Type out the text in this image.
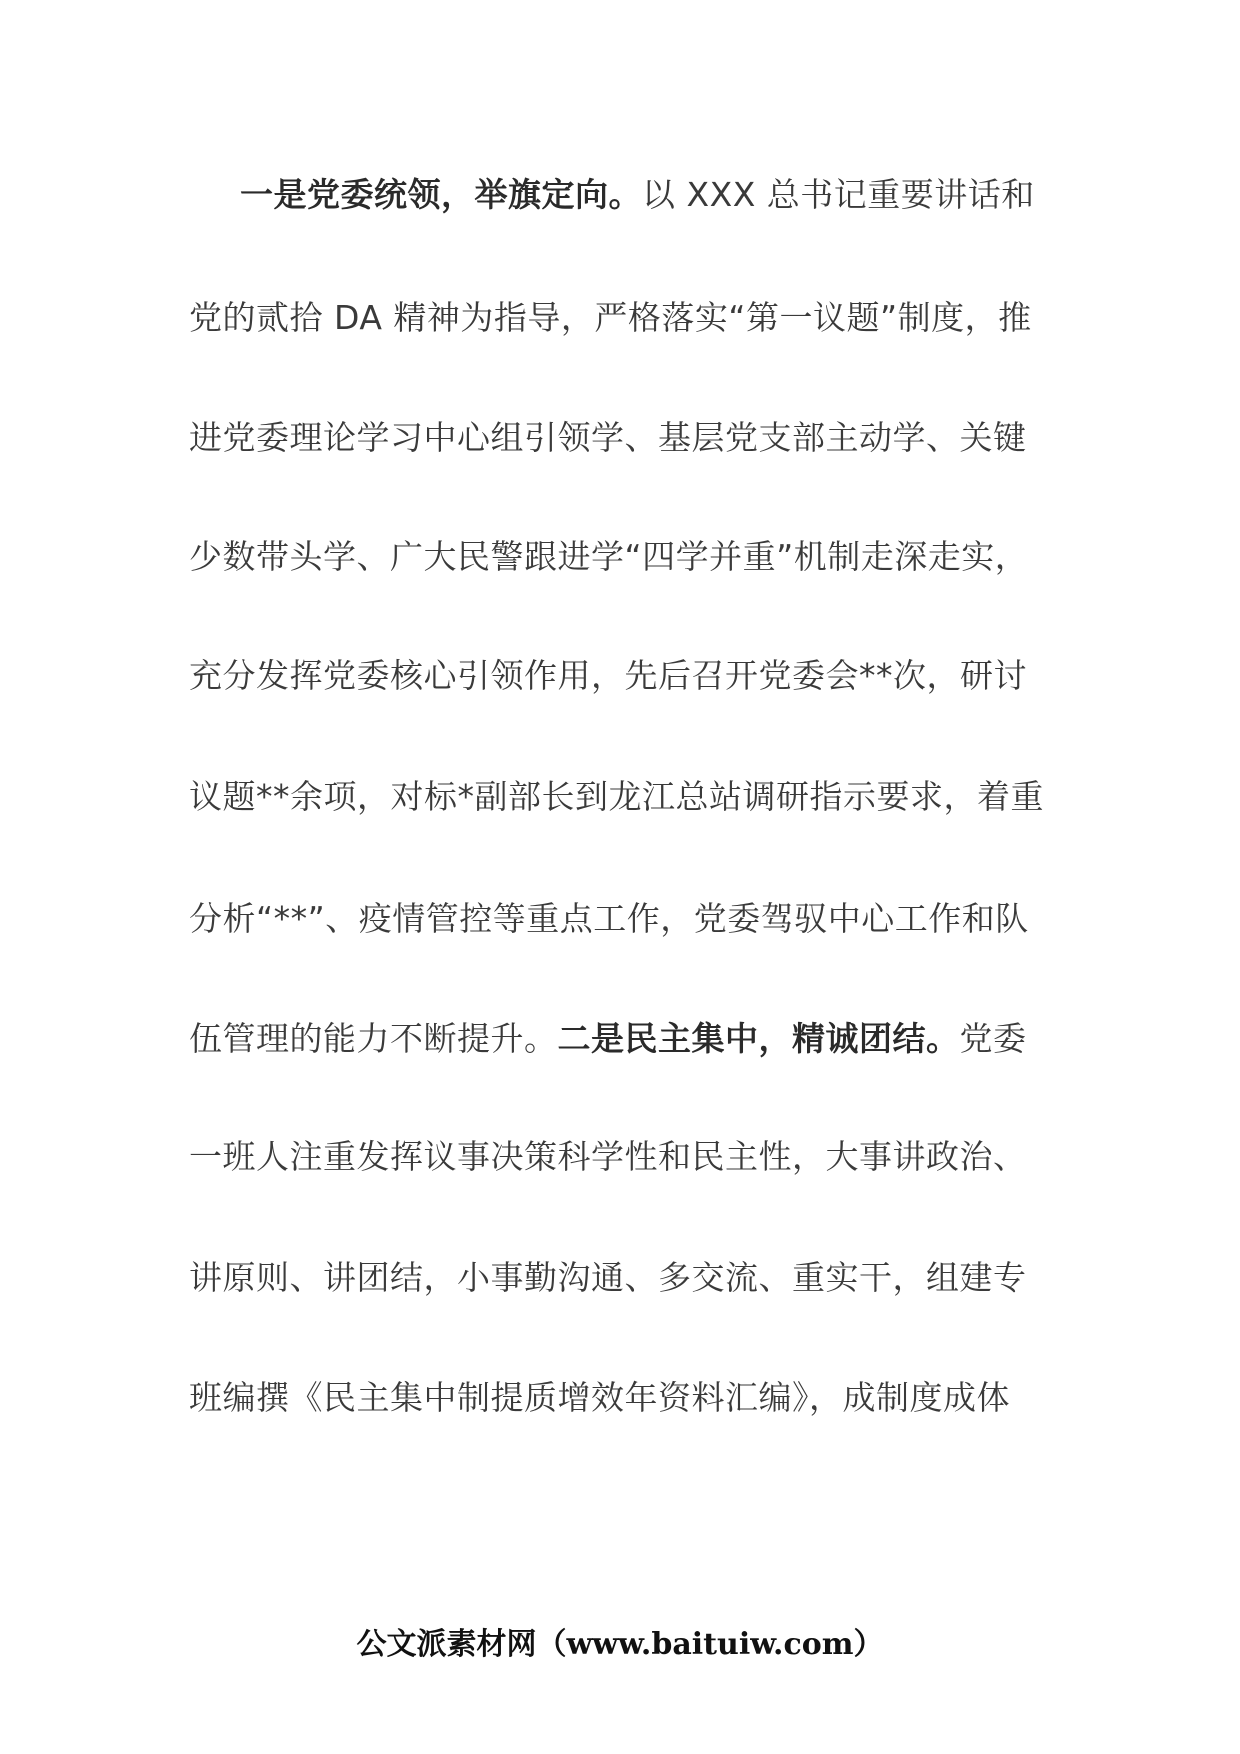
一是党委统领，举旗定向。以 XXX 总书记重要讲话和
党的贰拾 DA 精神为指导，严格落实“第一议题”制度，推
进党委理论学习中心组引领学、基层党支部主动学、关键
少数带头学、广大民警跟进学“四学并重”机制走深走实，
充分发挥党委核心引领作用，先后召开党委会**次，研讨
议题**余项，对标*副部长到龙江总站调研指示要求，着重
分析“**”、疫情管控等重点工作，党委驾驭中心工作和队
伍管理的能力不断提升。二是民主集中，精诚团结。党委
一班人注重发挥议事决策科学性和民主性，大事讲政治、
讲原则、讲团结，小事勤沟通、多交流、重实干，组建专
班编撰《民主集中制提质增效年资料汇编》，成制度成体
公文派素材网（www.baituiw.com）
